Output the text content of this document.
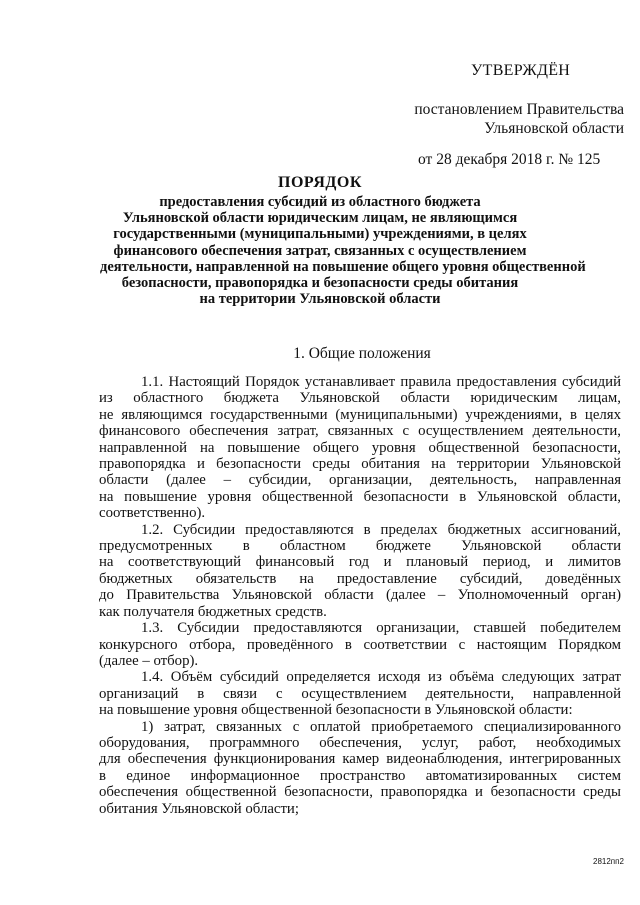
УТВЕРЖДЁН
постановлением Правительства
Ульяновской области
от 28 декабря 2018 г. № 125
ПОРЯДОК
предоставления субсидий из областного бюджета
Ульяновской области юридическим лицам, не являющимся
государственными (муниципальными) учреждениями, в целях
финансового обеспечения затрат, связанных с осуществлением
деятельности, направленной на повышение общего уровня общественной
безопасности, правопорядка и безопасности среды обитания
на территории Ульяновской области
1. Общие положения
1.1. Настоящий Порядок устанавливает правила предоставления субсидий
из областного бюджета Ульяновской области юридическим лицам,
не являющимся государственными (муниципальными) учреждениями, в целях
финансового обеспечения затрат, связанных с осуществлением деятельности,
направленной на повышение общего уровня общественной безопасности,
правопорядка и безопасности среды обитания на территории Ульяновской
области (далее – субсидии, организации, деятельность, направленная
на повышение уровня общественной безопасности в Ульяновской области,
соответственно).
1.2. Субсидии предоставляются в пределах бюджетных ассигнований,
предусмотренных в областном бюджете Ульяновской области
на соответствующий финансовый год и плановый период, и лимитов
бюджетных обязательств на предоставление субсидий, доведённых
до Правительства Ульяновской области (далее – Уполномоченный орган)
как получателя бюджетных средств.
1.3. Субсидии предоставляются организации, ставшей победителем
конкурсного отбора, проведённого в соответствии с настоящим Порядком
(далее – отбор).
1.4. Объём субсидий определяется исходя из объёма следующих затрат
организаций в связи с осуществлением деятельности, направленной
на повышение уровня общественной безопасности в Ульяновской области:
1) затрат, связанных с оплатой приобретаемого специализированного
оборудования, программного обеспечения, услуг, работ, необходимых
для обеспечения функционирования камер видеонаблюдения, интегрированных
в единое информационное пространство автоматизированных систем
обеспечения общественной безопасности, правопорядка и безопасности среды
обитания Ульяновской области;
2812пп2
